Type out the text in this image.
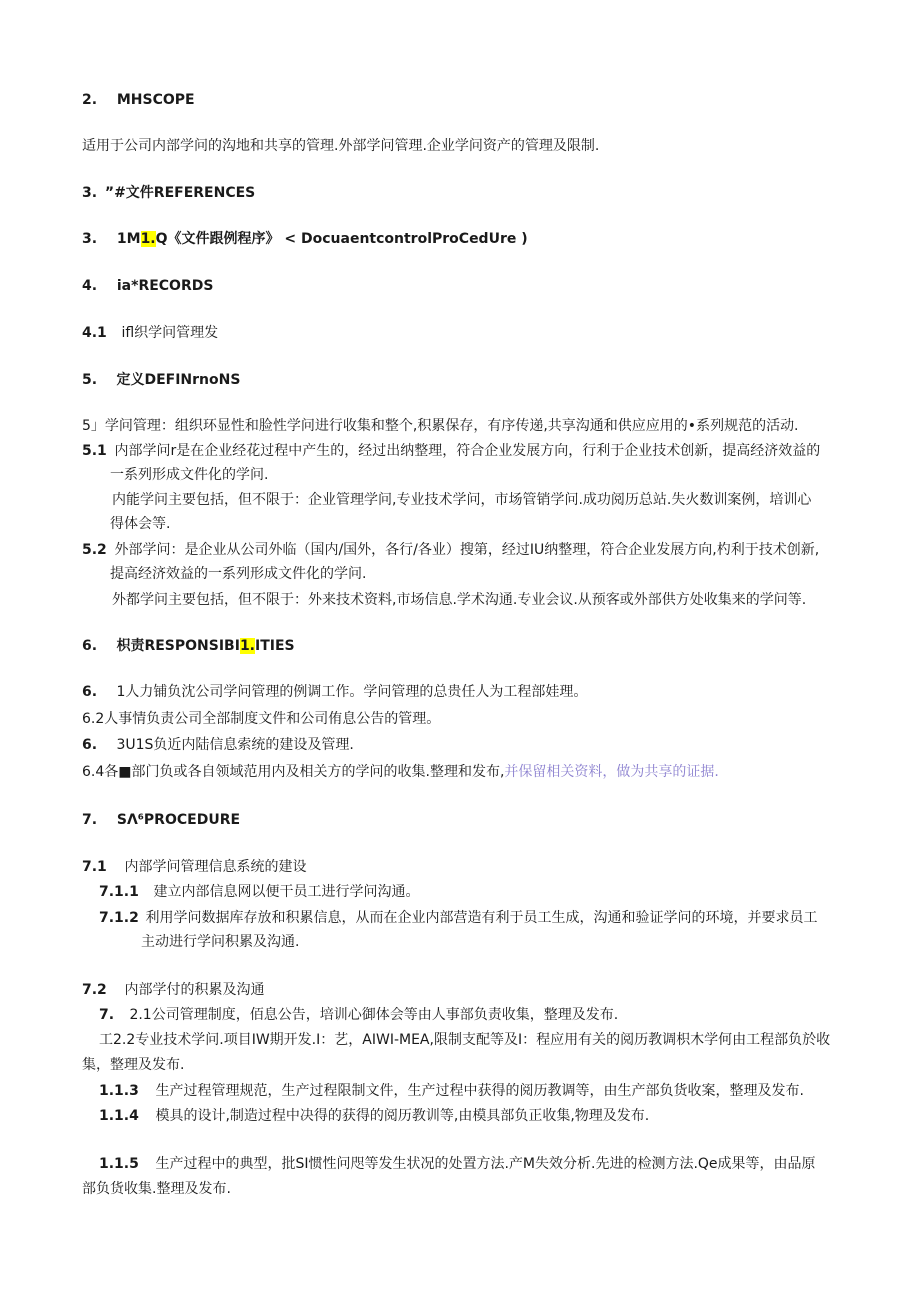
2. MHSCOPE
适用于公司内部学问的沟地和共享的管理.外部学问管理.企业学问资产的管理及限制.
3. ”#文件REFERENCES
3. 1M1.Q《文件跟例程序》 < DocuaentcontrolProCedUre )
4. ia*RECORDS
4.1 ifl织学问管理发
5. 定义DEFINrnoNS
5」学问管理：组织环显性和脸性学问进行收集和整个,积累保存，有序传递,共享沟通和供应应用的•系列规范的活动.
5.1 内部学问r是在企业经花过程中产生的，经过出纳整理，符合企业发展方向，行利于企业技术创新，提高经济效益的
一系列形成文件化的学问.
内能学问主要包括，但不限于：企业管理学问,专业技术学问，市场管销学问.成功阅历总站.失火数训案例，培训心
得体会等.
5.2 外部学问：是企业从公司外临（国内/国外，各行/各业）搜第，经过IU纳整理，符合企业发展方向,杓利于技术创新,
提高经济效益的一系列形成文件化的学问.
外都学问主要包括，但不限于：外来技术资料,市场信息.学术沟通.专业会议.从预客或外部供方处收集来的学问等.
6. 枳责RESPONSIBI1.ITIES
6. 1人力铺负沈公司学问管理的例调工作。学问管理的总贵任人为工程部娃理。
6.2人事情负责公司全部制度文件和公司侑息公告的管理。
6. 3U1S负近内陆信息索统的建设及管理.
6.4各■部门负或各自领域范用内及相关方的学问的收集.整理和发布,并保留相关资料，做为共享的证据.
7. SΛ⁶PROCEDURE
7.1 内部学问管理信息系统的建设
7.1.1 建立内部信息网以便干员工进行学问沟通。
7.1.2 利用学问数据库存放和积累信息，从而在企业内部营造有利于员工生成，沟通和验证学问的环境，并要求员工
主动进行学问积累及沟通.
7.2 内部学付的积累及沟通
7. 2.1公司管理制度，佰息公告，培训心御体会等由人事部负责收集，整理及发布.
工2.2专业技术学问.项目IW期开发.I：艺，AIWI-MEA,限制支配等及I：程应用有关的阅历教调枳木学何由工程部负於收
集，整理及发布.
1.1.3 生产过程管理规范，生产过程限制文件，生产过程中获得的阅历教调等，由生产部负货收案，整理及发布.
1.1.4 模具的设计,制造过程中决得的获得的阅历教训等,由模具部负正收集,物理及发布.
1.1.5 生产过程中的典型，批SI惯性问咫等发生状况的处置方法.产M失效分析.先进的检测方法.Qe成果等，由品原
部负货收集.整理及发布.
